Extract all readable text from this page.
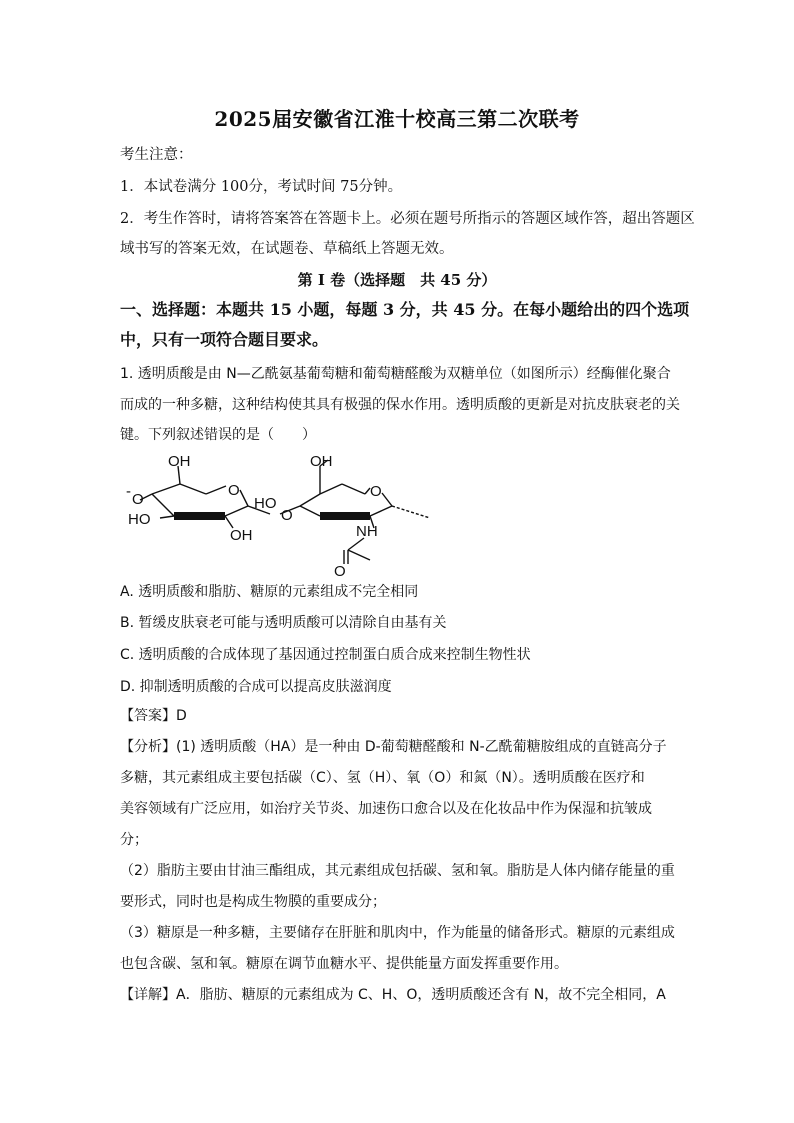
2025届安徽省江淮十校高三第二次联考
考生注意：
1．本试卷满分 100分，考试时间 75分钟。
2．考生作答时，请将答案答在答题卡上。必须在题号所指示的答题区域作答，超出答题区
域书写的答案无效，在试题卷、草稿纸上答题无效。
第 I 卷（选择题　共 45 分）
一、选择题：本题共 15 小题，每题 3 分，共 45 分。在每小题给出的四个选项
中，只有一项符合题目要求。
1. 透明质酸是由 N—乙酰氨基葡萄糖和葡萄糖醛酸为双糖单位（如图所示）经酶催化聚合
而成的一种多糖，这种结构使其具有极强的保水作用。透明质酸的更新是对抗皮肤衰老的关
键。下列叙述错误的是（　　）
OH
- O
O
HO
OH
HO
O
OH
O
NH
O
A. 透明质酸和脂肪、糖原的元素组成不完全相同
B. 暂缓皮肤衰老可能与透明质酸可以清除自由基有关
C. 透明质酸的合成体现了基因通过控制蛋白质合成来控制生物性状
D. 抑制透明质酸的合成可以提高皮肤滋润度
【答案】D
【分析】(1) 透明质酸（HA）是一种由 D-葡萄糖醛酸和 N-乙酰葡糖胺组成的直链高分子
多糖，其元素组成主要包括碳（C）、氢（H）、氧（O）和氮（N）。透明质酸在医疗和
美容领域有广泛应用，如治疗关节炎、加速伤口愈合以及在化妆品中作为保湿和抗皱成
分；
（2）脂肪主要由甘油三酯组成，其元素组成包括碳、氢和氧。脂肪是人体内储存能量的重
要形式，同时也是构成生物膜的重要成分；
（3）糖原是一种多糖，主要储存在肝脏和肌肉中，作为能量的储备形式。糖原的元素组成
也包含碳、氢和氧。糖原在调节血糖水平、提供能量方面发挥重要作用。
【详解】A．脂肪、糖原的元素组成为 C、H、O，透明质酸还含有 N，故不完全相同，A
